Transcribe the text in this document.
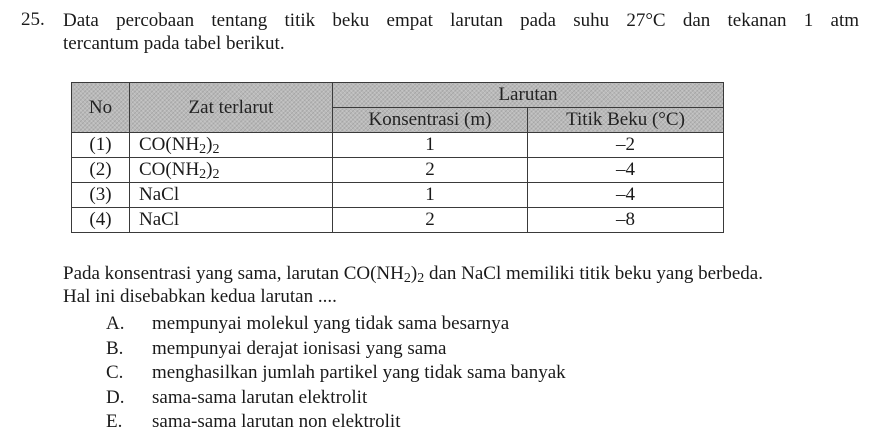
25. Data percobaan tentang titik beku empat larutan pada suhu 27°C dan tekanan 1 atm
tercantum pada tabel berikut.
No	Zat terlarut	Larutan	
		Konsentrasi (m)	Titik Beku (°C)
(1)	$CO(NH_2)_2$	1	–2
(2)	$CO(NH_2)_2$	2	–4
(3)	NaCl	1	–4
(4)	NaCl	2	–8
Pada konsentrasi yang sama, larutan $CO(NH_2)_2$ dan NaCl memiliki titik beku yang berbeda.
Hal ini disebabkan kedua larutan ....
A.	mempunyai molekul yang tidak sama besarnya
B.	mempunyai derajat ionisasi yang sama
C.	menghasilkan jumlah partikel yang tidak sama banyak
D.	sama-sama larutan elektrolit
E.	sama-sama larutan non elektrolit
